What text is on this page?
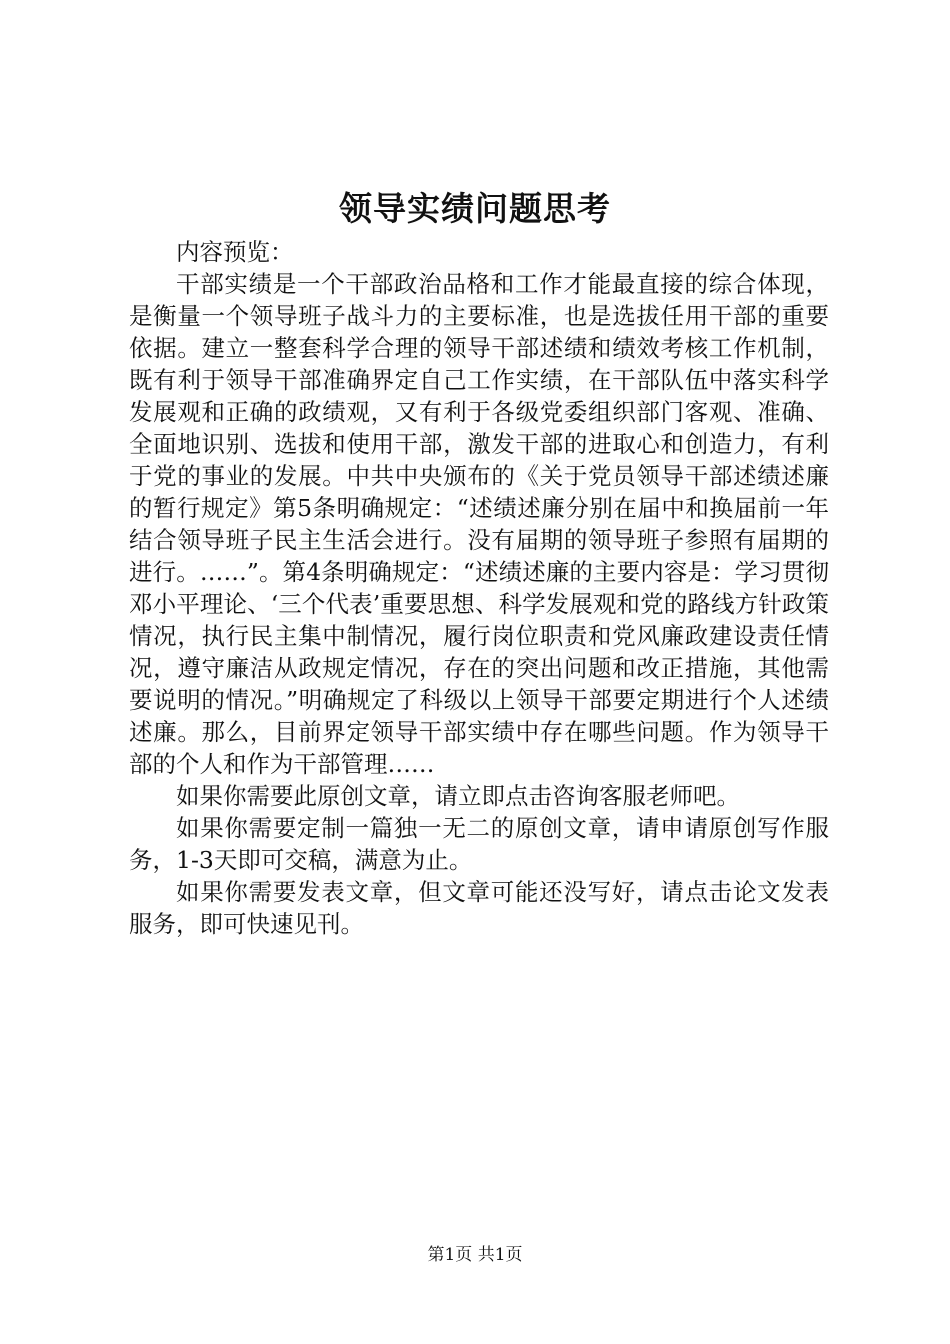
领导实绩问题思考

内容预览：

干部实绩是一个干部政治品格和工作才能最直接的综合体现，是衡量一个领导班子战斗力的主要标准，也是选拔任用干部的重要依据。建立一整套科学合理的领导干部述绩和绩效考核工作机制，既有利于领导干部准确界定自己工作实绩，在干部队伍中落实科学发展观和正确的政绩观，又有利于各级党委组织部门客观、准确、全面地识别、选拔和使用干部，激发干部的进取心和创造力，有利于党的事业的发展。中共中央颁布的《关于党员领导干部述绩述廉的暂行规定》第5条明确规定：“述绩述廉分别在届中和换届前一年结合领导班子民主生活会进行。没有届期的领导班子参照有届期的进行。……”。第4条明确规定：“述绩述廉的主要内容是：学习贯彻邓小平理论、‘三个代表’重要思想、科学发展观和党的路线方针政策情况，执行民主集中制情况，履行岗位职责和党风廉政建设责任情况，遵守廉洁从政规定情况，存在的突出问题和改正措施，其他需要说明的情况。”明确规定了科级以上领导干部要定期进行个人述绩述廉。那么，目前界定领导干部实绩中存在哪些问题。作为领导干部的个人和作为干部管理……

如果你需要此原创文章，请立即点击咨询客服老师吧。

如果你需要定制一篇独一无二的原创文章，请申请原创写作服务，1-3天即可交稿，满意为止。

如果你需要发表文章，但文章可能还没写好，请点击论文发表服务，即可快速见刊。

第1页 共1页
